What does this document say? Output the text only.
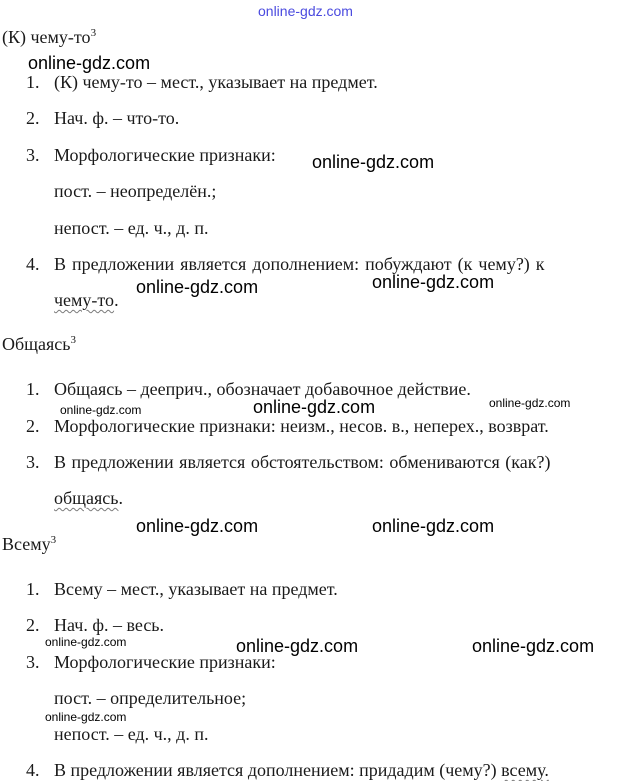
online-gdz.com
(К) чему-$то^3$
1. (К) чему-то – мест., указывает на предмет.
2. Нач. ф. – что-то.
3. Морфологические признаки:
пост. – неопределён.;
непост. – ед. ч., д. п.
4. В предложении является дополнением: побуждают (к чему?) к
чему-то.
Общаясь$^3$
1. Общаясь – дееприч., обозначает добавочное действие.
2. Морфологические признаки: неизм., несов. в., неперех., возврат.
3. В предложении является обстоятельством: обмениваются (как?)
общаясь.
Всему$^3$
1. Всему – мест., указывает на предмет.
2. Нач. ф. – весь.
3. Морфологические признаки:
пост. – определительное;
непост. – ед. ч., д. п.
4. В предложении является дополнением: придадим (чему?) всему.
online-gdz.com
online-gdz.com
online-gdz.com	online-gdz.com
online-gdz.com	online-gdz.com	online-gdz.com
online-gdz.com	online-gdz.com
online-gdz.com	online-gdz.com	online-gdz.com
online-gdz.com
